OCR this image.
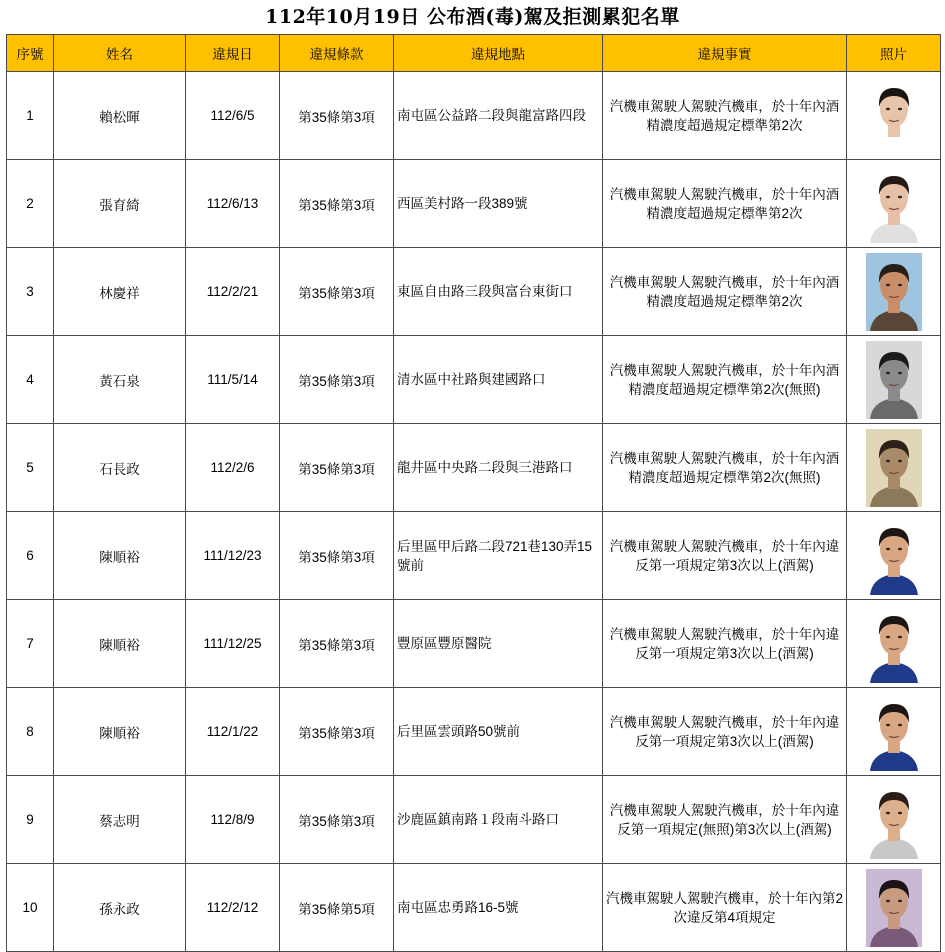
112年10月19日 公布酒(毒)駕及拒測累犯名單
序號	姓名	違規日	違規條款	違規地點	違規事實	照片
1	賴松暉	112/6/5	第35條第3項	南屯區公益路二段與龍富路四段	汽機車駕駛人駕駛汽機車，於十年內酒精濃度超過規定標準第2次	

2	張育綺	112/6/13	第35條第3項	西區美村路一段389號	汽機車駕駛人駕駛汽機車，於十年內酒精濃度超過規定標準第2次	

3	林慶祥	112/2/21	第35條第3項	東區自由路三段與富台東街口	汽機車駕駛人駕駛汽機車，於十年內酒精濃度超過規定標準第2次	

4	黃石泉	111/5/14	第35條第3項	清水區中社路與建國路口	汽機車駕駛人駕駛汽機車，於十年內酒精濃度超過規定標準第2次(無照)	

5	石長政	112/2/6	第35條第3項	龍井區中央路二段與三港路口	汽機車駕駛人駕駛汽機車，於十年內酒精濃度超過規定標準第2次(無照)	

6	陳順裕	111/12/23	第35條第3項	后里區甲后路二段721巷130弄15號前	汽機車駕駛人駕駛汽機車，於十年內違反第一項規定第3次以上(酒駕)	

7	陳順裕	111/12/25	第35條第3項	豐原區豐原醫院	汽機車駕駛人駕駛汽機車，於十年內違反第一項規定第3次以上(酒駕)	

8	陳順裕	112/1/22	第35條第3項	后里區雲頭路50號前	汽機車駕駛人駕駛汽機車，於十年內違反第一項規定第3次以上(酒駕)	

9	蔡志明	112/8/9	第35條第3項	沙鹿區鎮南路１段南斗路口	汽機車駕駛人駕駛汽機車，於十年內違反第一項規定(無照)第3次以上(酒駕)	

10	孫永政	112/2/12	第35條第5項	南屯區忠勇路16-5號	汽機車駕駛人駕駛汽機車，於十年內第2次違反第4項規定	
